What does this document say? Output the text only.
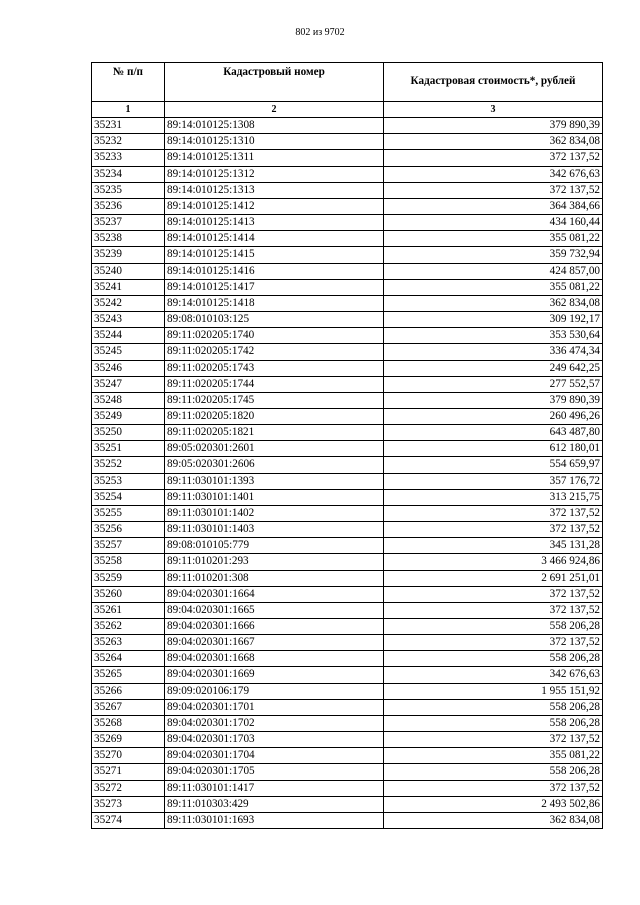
802 из 9702
№ п/п	Кадастровый номер	Кадастровая стоимость*, рублей
1	2	3
35231	89:14:010125:1308	379 890,39
35232	89:14:010125:1310	362 834,08
35233	89:14:010125:1311	372 137,52
35234	89:14:010125:1312	342 676,63
35235	89:14:010125:1313	372 137,52
35236	89:14:010125:1412	364 384,66
35237	89:14:010125:1413	434 160,44
35238	89:14:010125:1414	355 081,22
35239	89:14:010125:1415	359 732,94
35240	89:14:010125:1416	424 857,00
35241	89:14:010125:1417	355 081,22
35242	89:14:010125:1418	362 834,08
35243	89:08:010103:125	309 192,17
35244	89:11:020205:1740	353 530,64
35245	89:11:020205:1742	336 474,34
35246	89:11:020205:1743	249 642,25
35247	89:11:020205:1744	277 552,57
35248	89:11:020205:1745	379 890,39
35249	89:11:020205:1820	260 496,26
35250	89:11:020205:1821	643 487,80
35251	89:05:020301:2601	612 180,01
35252	89:05:020301:2606	554 659,97
35253	89:11:030101:1393	357 176,72
35254	89:11:030101:1401	313 215,75
35255	89:11:030101:1402	372 137,52
35256	89:11:030101:1403	372 137,52
35257	89:08:010105:779	345 131,28
35258	89:11:010201:293	3 466 924,86
35259	89:11:010201:308	2 691 251,01
35260	89:04:020301:1664	372 137,52
35261	89:04:020301:1665	372 137,52
35262	89:04:020301:1666	558 206,28
35263	89:04:020301:1667	372 137,52
35264	89:04:020301:1668	558 206,28
35265	89:04:020301:1669	342 676,63
35266	89:09:020106:179	1 955 151,92
35267	89:04:020301:1701	558 206,28
35268	89:04:020301:1702	558 206,28
35269	89:04:020301:1703	372 137,52
35270	89:04:020301:1704	355 081,22
35271	89:04:020301:1705	558 206,28
35272	89:11:030101:1417	372 137,52
35273	89:11:010303:429	2 493 502,86
35274	89:11:030101:1693	362 834,08
